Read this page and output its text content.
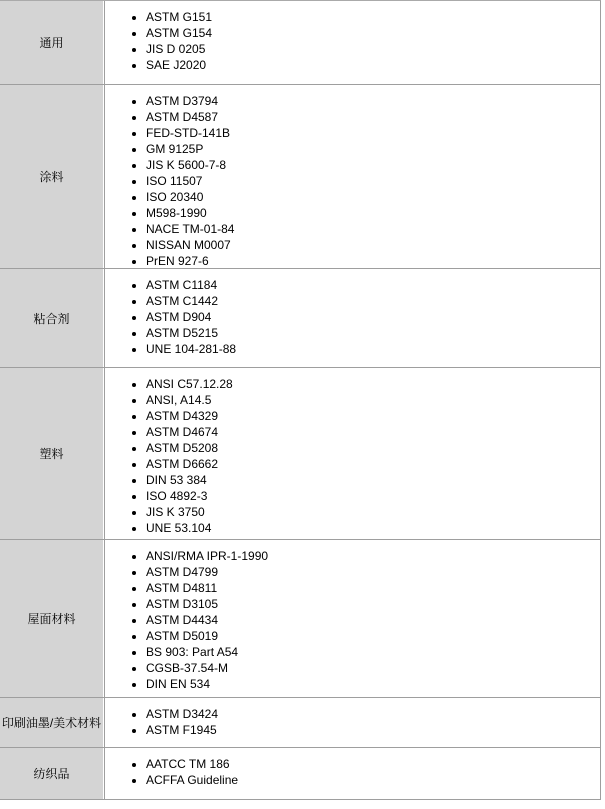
通用
• ASTM G151
• ASTM G154
• JIS D 0205
• SAE J2020
涂料
• ASTM D3794
• ASTM D4587
• FED-STD-141B
• GM 9125P
• JIS K 5600-7-8
• ISO 11507
• ISO 20340
• M598-1990
• NACE TM-01-84
• NISSAN M0007
• PrEN 927-6
粘合剂
• ASTM C1184
• ASTM C1442
• ASTM D904
• ASTM D5215
• UNE 104-281-88
塑料
• ANSI C57.12.28
• ANSI, A14.5
• ASTM D4329
• ASTM D4674
• ASTM D5208
• ASTM D6662
• DIN 53 384
• ISO 4892-3
• JIS K 3750
• UNE 53.104
屋面材料
• ANSI/RMA IPR-1-1990
• ASTM D4799
• ASTM D4811
• ASTM D3105
• ASTM D4434
• ASTM D5019
• BS 903: Part A54
• CGSB-37.54-M
• DIN EN 534
印刷油墨/美术材料
• ASTM D3424
• ASTM F1945
纺织品
• AATCC TM 186
• ACFFA Guideline
